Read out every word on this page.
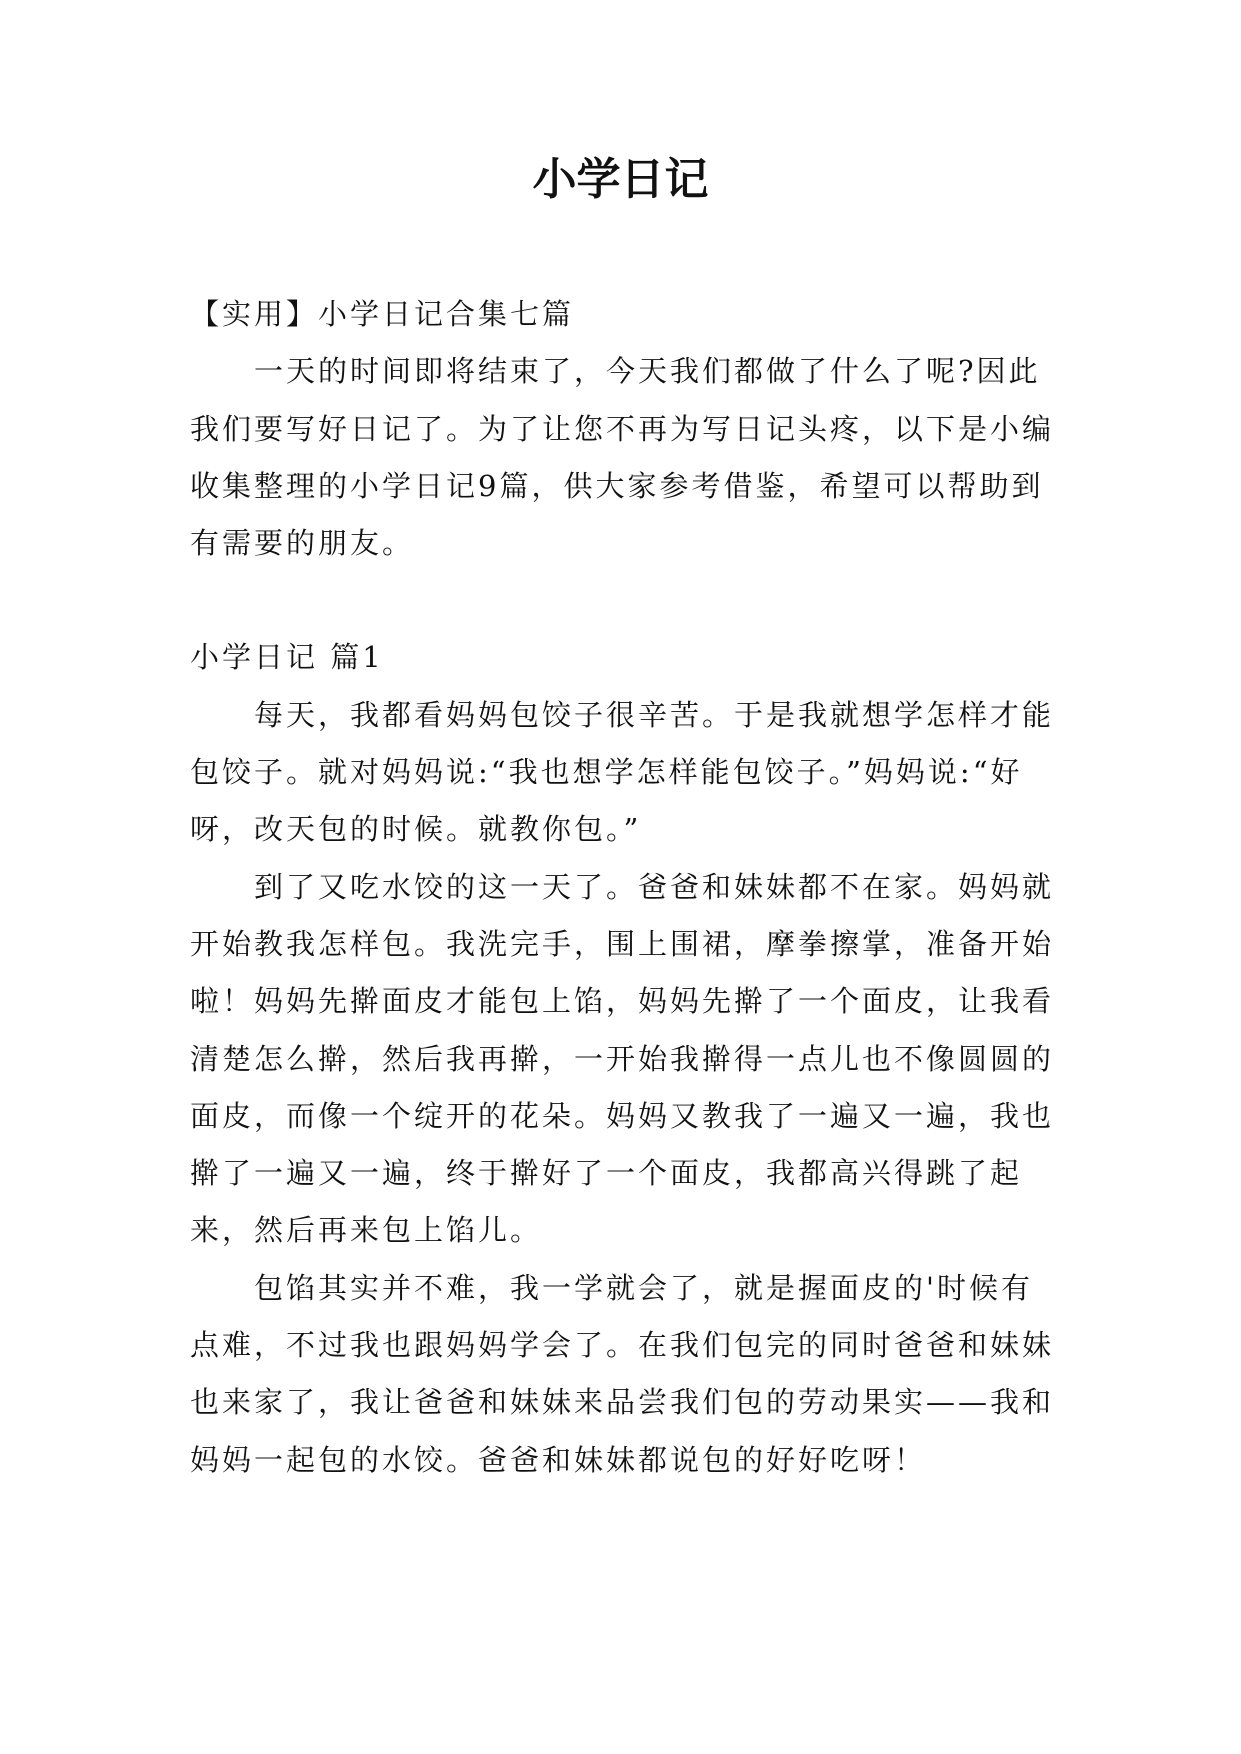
小学日记

【实用】小学日记合集七篇

一天的时间即将结束了，今天我们都做了什么了呢?因此我们要写好日记了。为了让您不再为写日记头疼，以下是小编收集整理的小学日记9篇，供大家参考借鉴，希望可以帮助到有需要的朋友。

小学日记 篇1

每天，我都看妈妈包饺子很辛苦。于是我就想学怎样才能包饺子。就对妈妈说:“我也想学怎样能包饺子。”妈妈说:“好呀，改天包的时候。就教你包。”

到了又吃水饺的这一天了。爸爸和妹妹都不在家。妈妈就开始教我怎样包。我洗完手，围上围裙，摩拳擦掌，准备开始啦！妈妈先擀面皮才能包上馅，妈妈先擀了一个面皮，让我看清楚怎么擀，然后我再擀，一开始我擀得一点儿也不像圆圆的面皮，而像一个绽开的花朵。妈妈又教我了一遍又一遍，我也擀了一遍又一遍，终于擀好了一个面皮，我都高兴得跳了起来，然后再来包上馅儿。

包馅其实并不难，我一学就会了，就是握面皮的'时候有点难，不过我也跟妈妈学会了。在我们包完的同时爸爸和妹妹也来家了，我让爸爸和妹妹来品尝我们包的劳动果实——我和妈妈一起包的水饺。爸爸和妹妹都说包的好好吃呀！
